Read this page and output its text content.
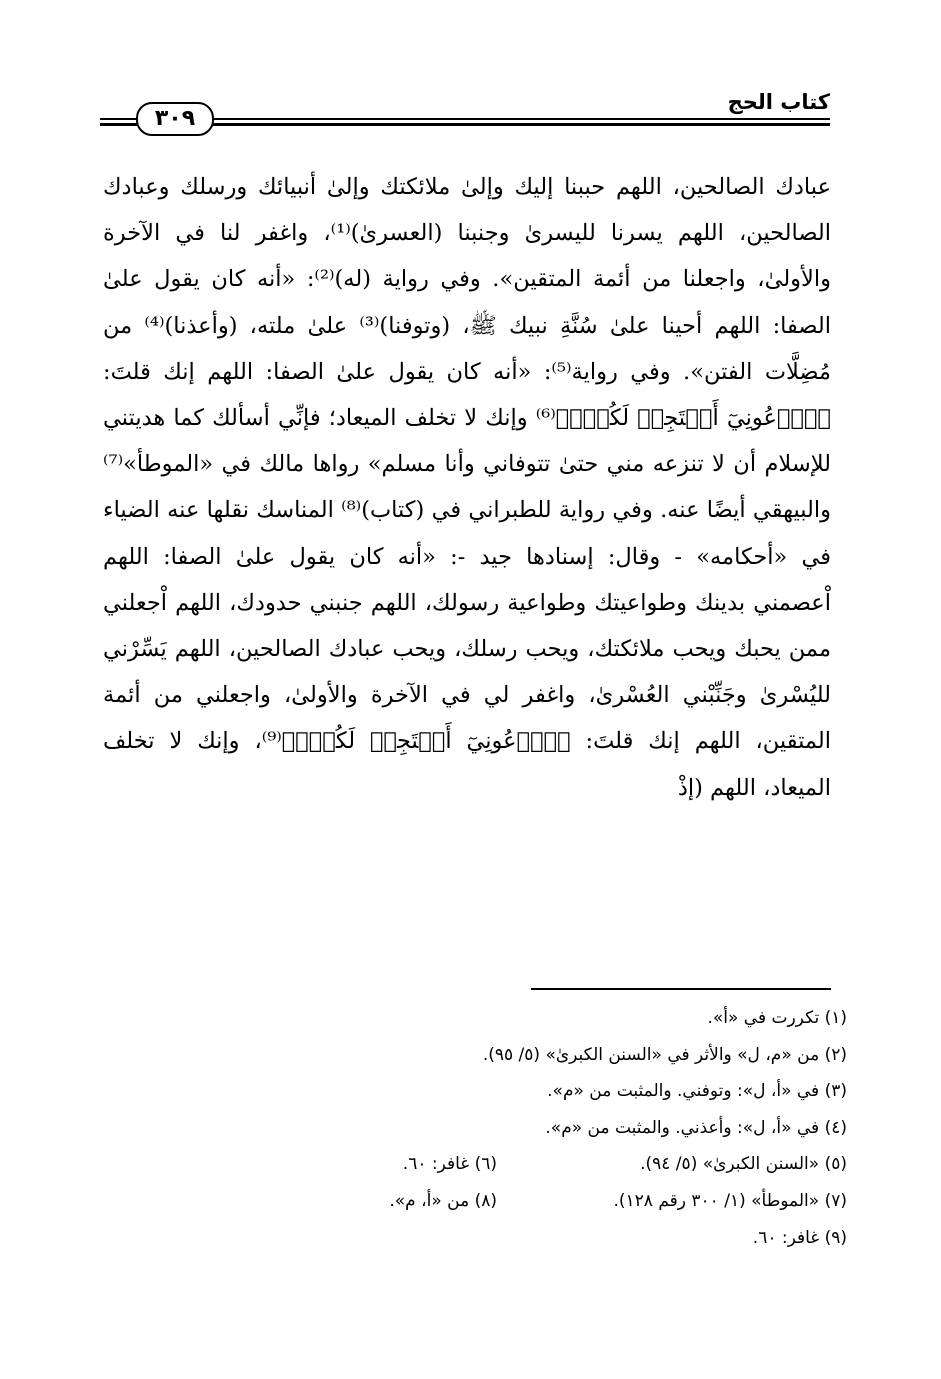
كتاب الحج
٣٠٩

عبادك الصالحين، اللهم حببنا إليك وإلىٰ ملائكتك وإلىٰ أنبيائك ورسلك وعبادك الصالحين، اللهم يسرنا لليسرىٰ وجنبنا (العسرىٰ)⁽¹⁾، واغفر لنا في الآخرة والأولىٰ، واجعلنا من أئمة المتقين». وفي رواية (له)⁽²⁾: «أنه كان يقول علىٰ الصفا: اللهم أحينا علىٰ سُنَّةِ نبيك ﷺ، (وتوفنا)⁽³⁾ علىٰ ملته، (وأعذنا)⁽⁴⁾ من مُضِلَّات الفتن». وفي رواية⁽⁵⁾: «أنه كان يقول علىٰ الصفا: اللهم إنك قلتَ: ﴿ٱدۡعُونِيٓ أَسۡتَجِبۡ لَكُمۡۚ﴾⁽⁶⁾ وإنك لا تخلف الميعاد؛ فإنِّي أسألك كما هديتني للإسلام أن لا تنزعه مني حتىٰ تتوفاني وأنا مسلم» رواها مالك في «الموطأ»⁽⁷⁾ والبيهقي أيضًا عنه. وفي رواية للطبراني في (كتاب)⁽⁸⁾ المناسك نقلها عنه الضياء في «أحكامه» - وقال: إسنادها جيد -: «أنه كان يقول علىٰ الصفا: اللهم اْعصمني بدينك وطواعيتك وطواعية رسولك، اللهم جنبني حدودك، اللهم اْجعلني ممن يحبك ويحب ملائكتك، ويحب رسلك، ويحب عبادك الصالحين، اللهم يَسِّرْني لليُسْرىٰ وجَنِّبْني العُسْرىٰ، واغفر لي في الآخرة والأولىٰ، واجعلني من أئمة المتقين، اللهم إنك قلتَ: ﴿ٱدۡعُونِيٓ أَسۡتَجِبۡ لَكُمۡۚ﴾⁽⁹⁾، وإنك لا تخلف الميعاد، اللهم (إذْ

(١) تكررت في «أ».
(٢) من «م، ل» والأثر في «السنن الكبرىٰ» (٥/ ٩٥).
(٣) في «أ، ل»: وتوفني. والمثبت من «م».
(٤) في «أ، ل»: وأعذني. والمثبت من «م».
(٥) «السنن الكبرىٰ» (٥/ ٩٤).
(٦) غافر: ٦٠.
(٧) «الموطأ» (١/ ٣٠٠ رقم ١٢٨).
(٨) من «أ، م».
(٩) غافر: ٦٠.
